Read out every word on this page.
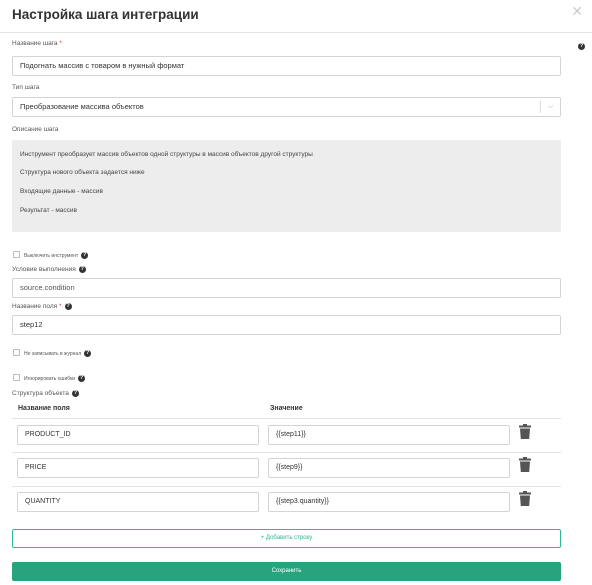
Настройка шага интеграции	✕
?
Название шага *
Подогнать массив с товаром в нужный формат
Тип шага
Преобразование массива объектов	⌵
Описание шага
Инструмент преобразует массив объектов одной структуры в массив объектов другой структуры
Структура нового объекта задается ниже
Входящие данные - массив
Результат - массив
Выключить инструмент ?
Условие выполнения ?
source.condition
Название поля * ?
step12
Не записывать в журнал ?
Игнорировать ошибки ?
Структура объекта ?
Название поля	Значение
PRODUCT_ID	{{step11}}
PRICE	{{step9}}
QUANTITY	{{step3.quantity}}
+ Добавить строку
Сохранить
